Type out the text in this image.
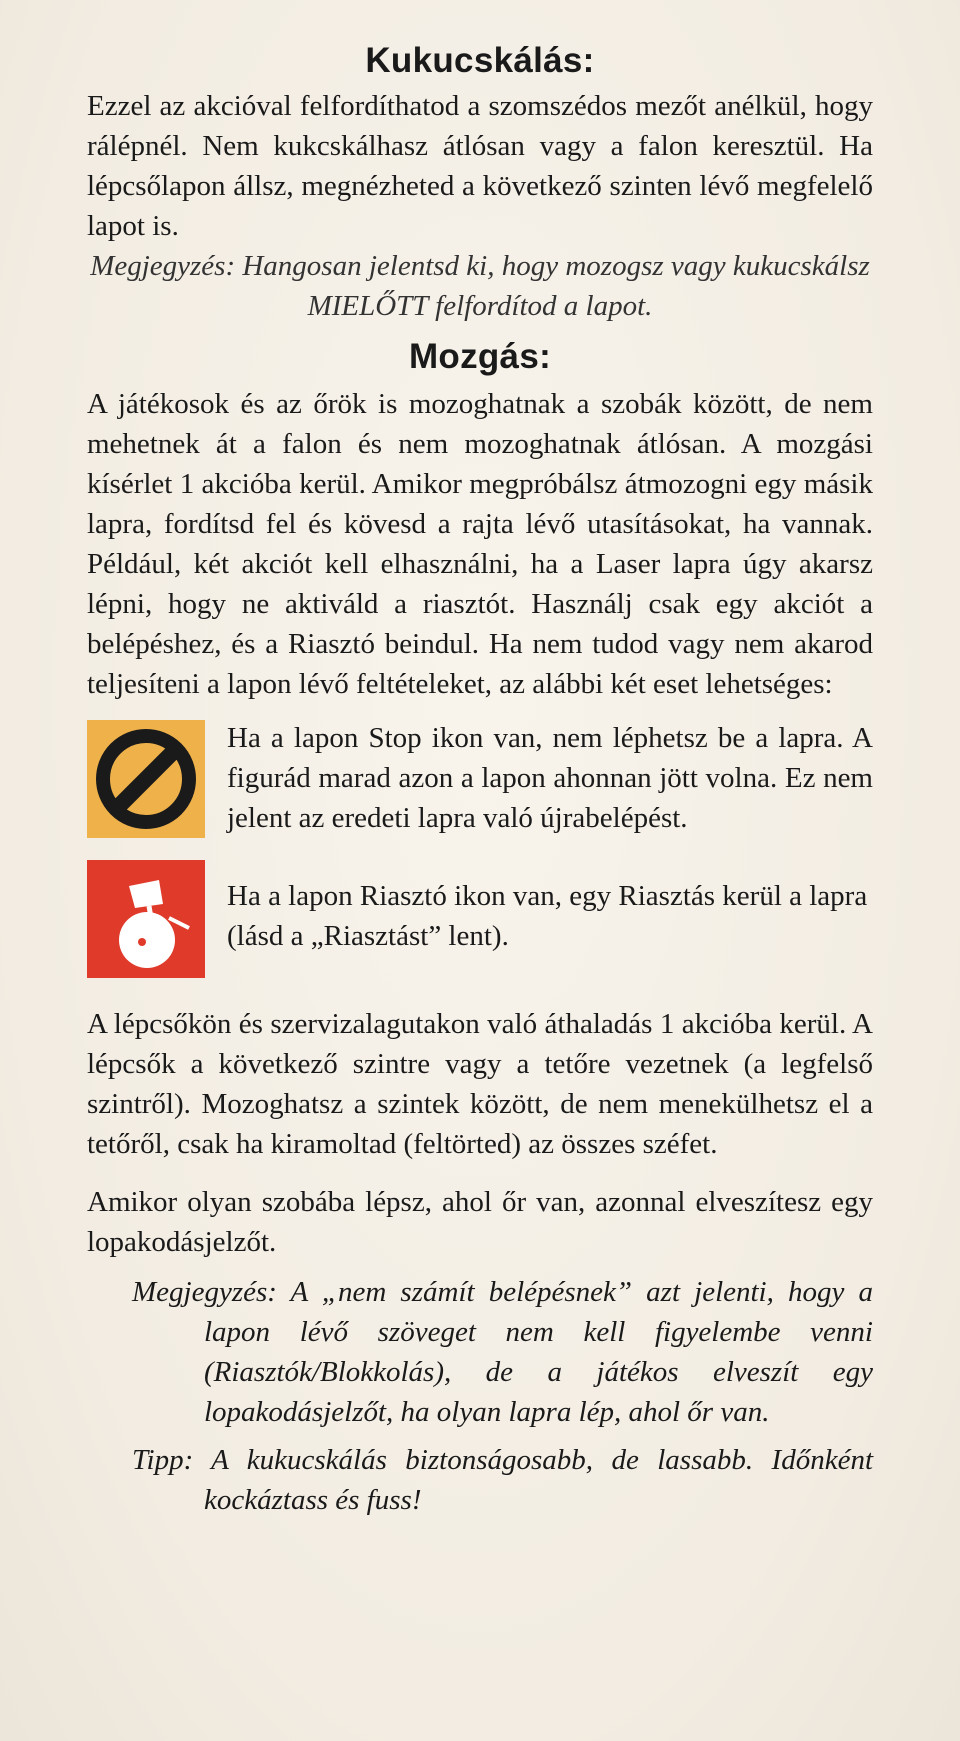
Kukucskálás:

Ezzel az akcióval felfordíthatod a szomszédos mezőt anélkül, hogy rálépnél. Nem kukcskálhasz átlósan vagy a falon keresztül. Ha lépcsőlapon állsz, megnézheted a következő szinten lévő megfelelő lapot is.

Megjegyzés: Hangosan jelentsd ki, hogy mozogsz vagy kukucskálsz MIELŐTT felfordítod a lapot.

Mozgás:

A játékosok és az őrök is mozoghatnak a szobák között, de nem mehetnek át a falon és nem mozoghatnak átlósan. A mozgási kísérlet 1 akcióba kerül. Amikor megpróbálsz átmozogni egy másik lapra, fordítsd fel és kövesd a rajta lévő utasításokat, ha vannak. Például, két akciót kell elhasználni, ha a Laser lapra úgy akarsz lépni, hogy ne aktiváld a riasztót. Használj csak egy akciót a belépéshez, és a Riasztó beindul. Ha nem tudod vagy nem akarod teljesíteni a lapon lévő feltételeket, az alábbi két eset lehetséges:

Ha a lapon Stop ikon van, nem léphetsz be a lapra. A figurád marad azon a lapon ahonnan jött volna. Ez nem jelent az eredeti lapra való újrabelépést.

Ha a lapon Riasztó ikon van, egy Riasztás kerül a lapra (lásd a „Riasztást” lent).

A lépcsőkön és szervizalagutakon való áthaladás 1 akcióba kerül. A lépcsők a következő szintre vagy a tetőre vezetnek (a legfelső szintről). Mozoghatsz a szintek között, de nem menekülhetsz el a tetőről, csak ha kiramoltad (feltörted) az összes széfet.

Amikor olyan szobába lépsz, ahol őr van, azonnal elveszítesz egy lopakodásjelzőt.

Megjegyzés: A „nem számít belépésnek” azt jelenti, hogy a lapon lévő szöveget nem kell figyelembe venni (Riasztók/Blokkolás), de a játékos elveszít egy lopakodásjelzőt, ha olyan lapra lép, ahol őr van.
Tipp: A kukucskálás biztonságosabb, de lassabb. Időnként kockáztass és fuss!
